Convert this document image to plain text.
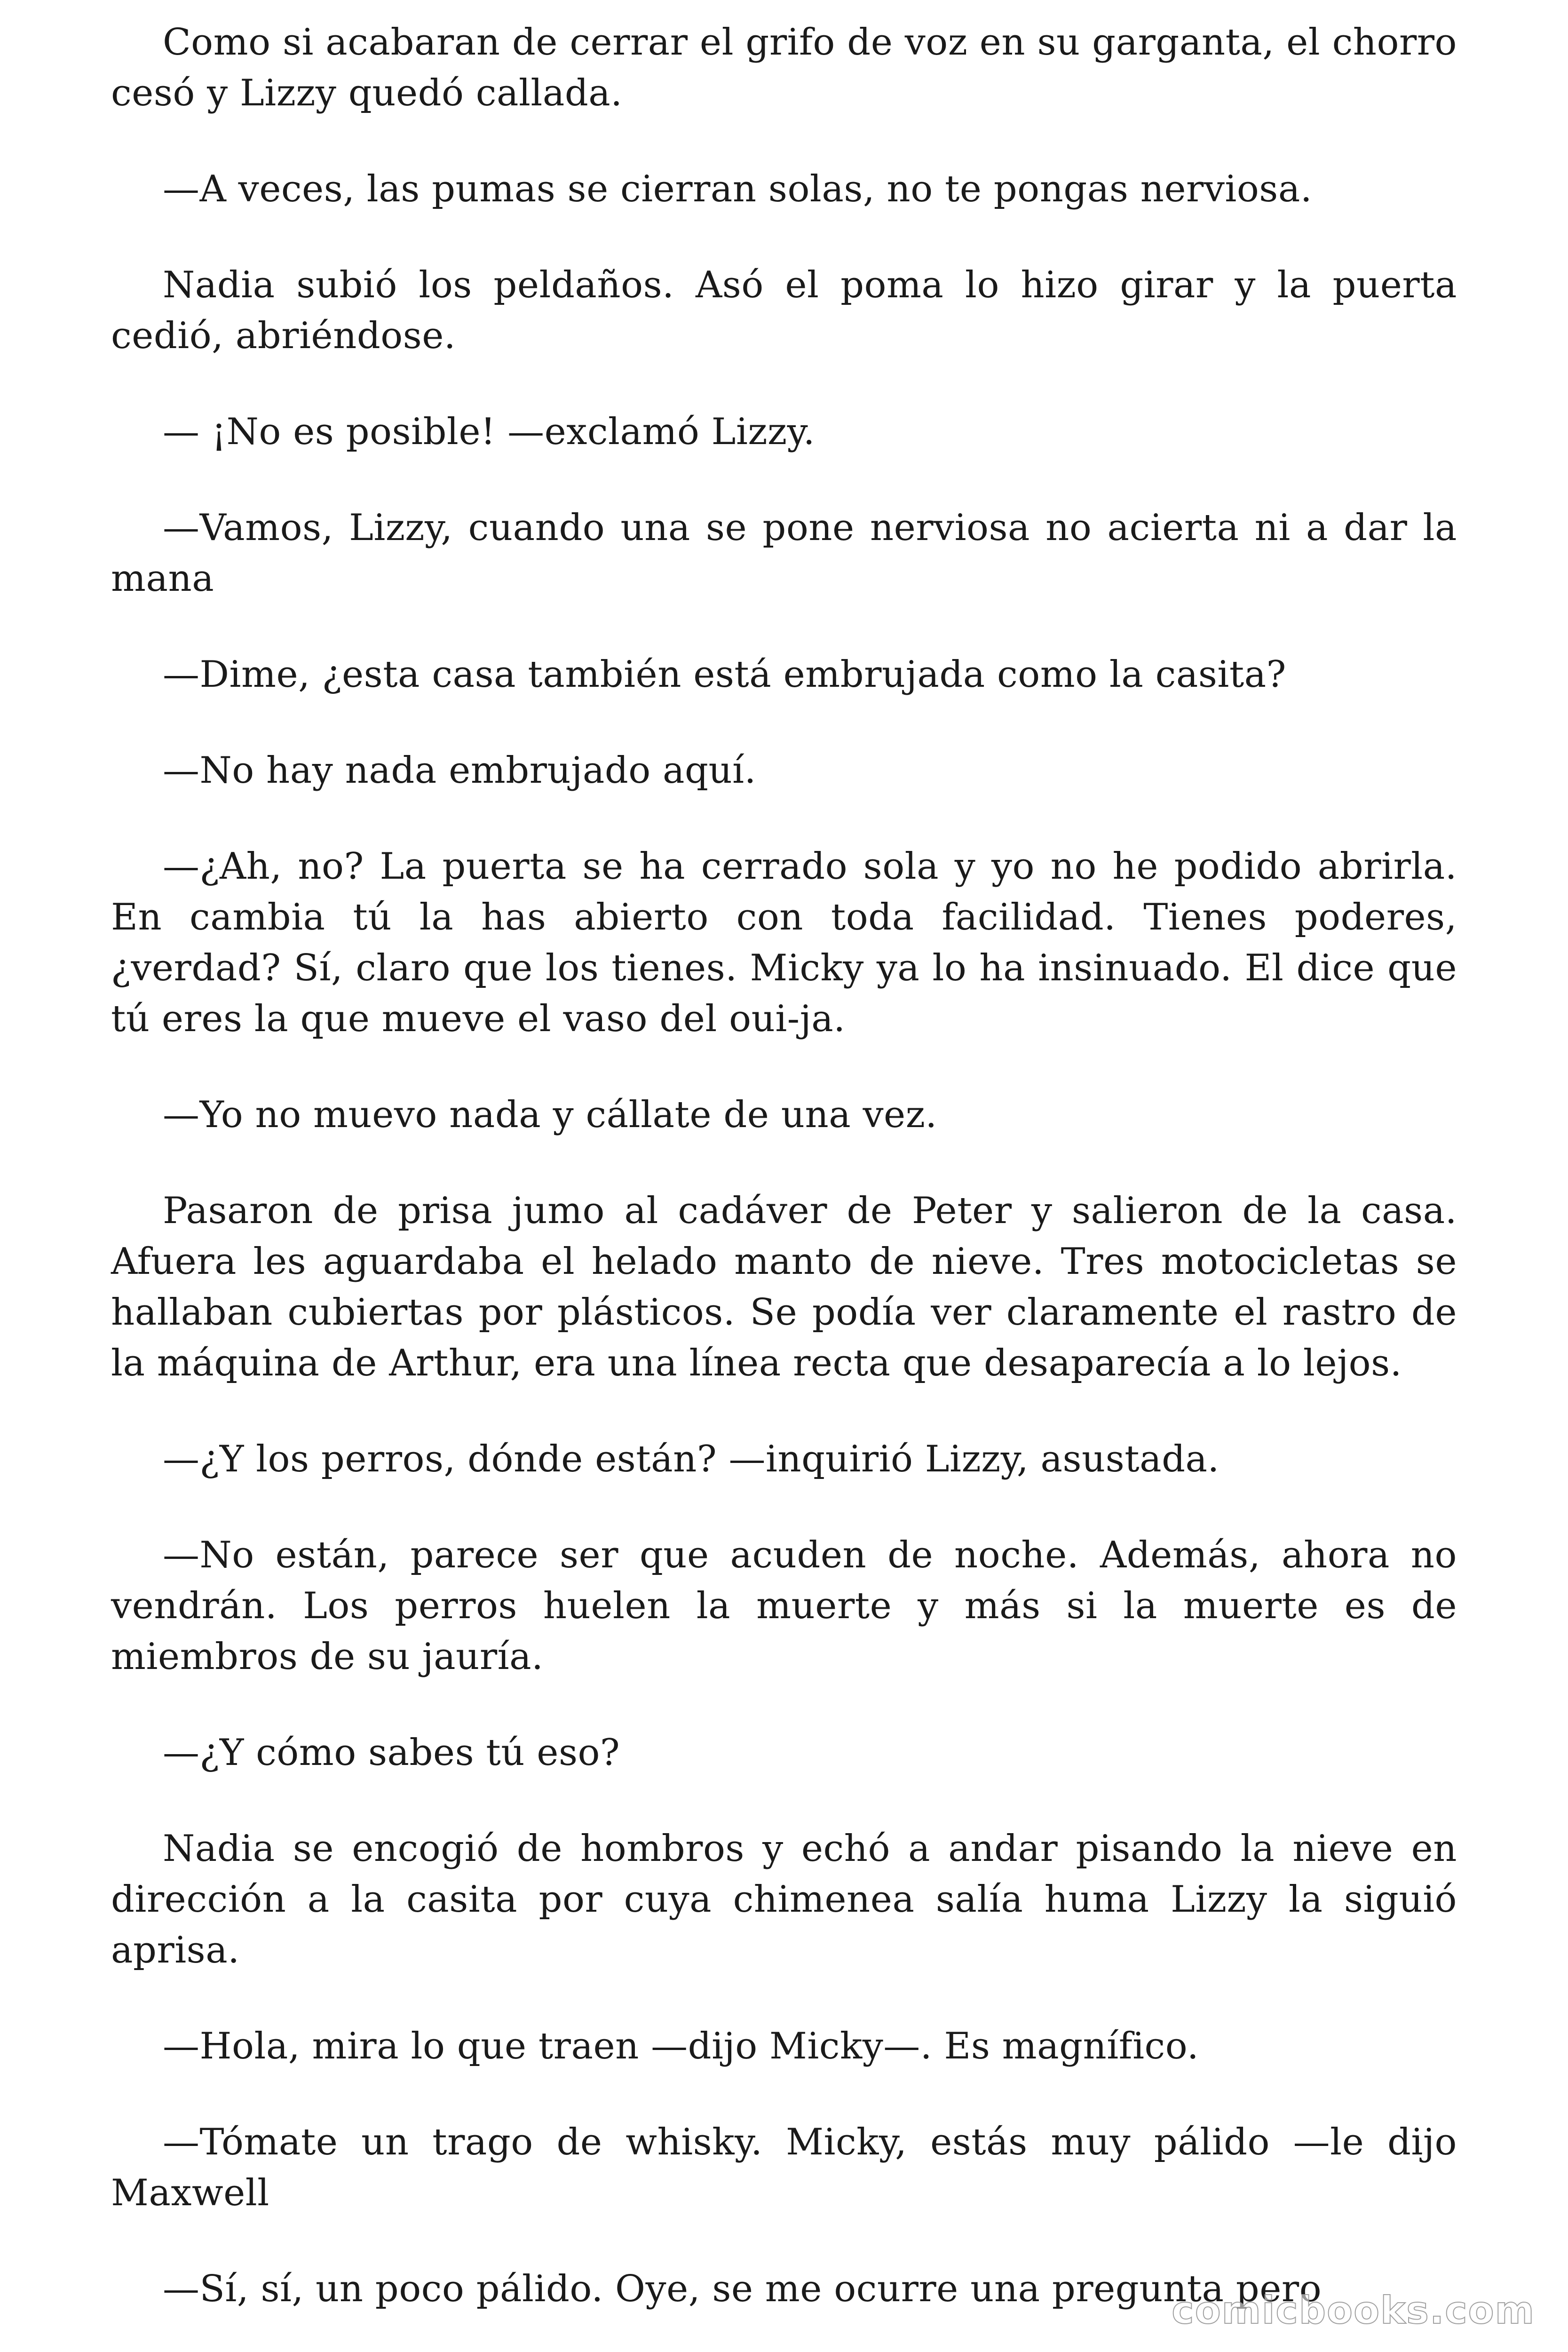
Como si acabaran de cerrar el grifo de voz en su garganta, el chorro cesó y Lizzy quedó callada.

—A veces, las pumas se cierran solas, no te pongas nerviosa.

Nadia subió los peldaños. Asó el poma lo hizo girar y la puerta cedió, abriéndose.

— ¡No es posible! —exclamó Lizzy.

—Vamos, Lizzy, cuando una se pone nerviosa no acierta ni a dar la mana

—Dime, ¿esta casa también está embrujada como la casita?

—No hay nada embrujado aquí.

—¿Ah, no? La puerta se ha cerrado sola y yo no he podido abrirla. En cambia tú la has abierto con toda facilidad. Tienes poderes, ¿verdad? Sí, claro que los tienes. Micky ya lo ha insinuado. El dice que tú eres la que mueve el vaso del oui-ja.

—Yo no muevo nada y cállate de una vez.

Pasaron de prisa jumo al cadáver de Peter y salieron de la casa. Afuera les aguardaba el helado manto de nieve. Tres motocicletas se hallaban cubiertas por plásticos. Se podía ver claramente el rastro de la máquina de Arthur, era una línea recta que desaparecía a lo lejos.

—¿Y los perros, dónde están? —inquirió Lizzy, asustada.

—No están, parece ser que acuden de noche. Además, ahora no vendrán. Los perros huelen la muerte y más si la muerte es de miembros de su jauría.

—¿Y cómo sabes tú eso?

Nadia se encogió de hombros y echó a andar pisando la nieve en dirección a la casita por cuya chimenea salía huma Lizzy la siguió aprisa.

—Hola, mira lo que traen —dijo Micky—. Es magnífico.

—Tómate un trago de whisky. Micky, estás muy pálido —le dijo Maxwell

—Sí, sí, un poco pálido. Oye, se me ocurre una pregunta pero

comicbooks.com
